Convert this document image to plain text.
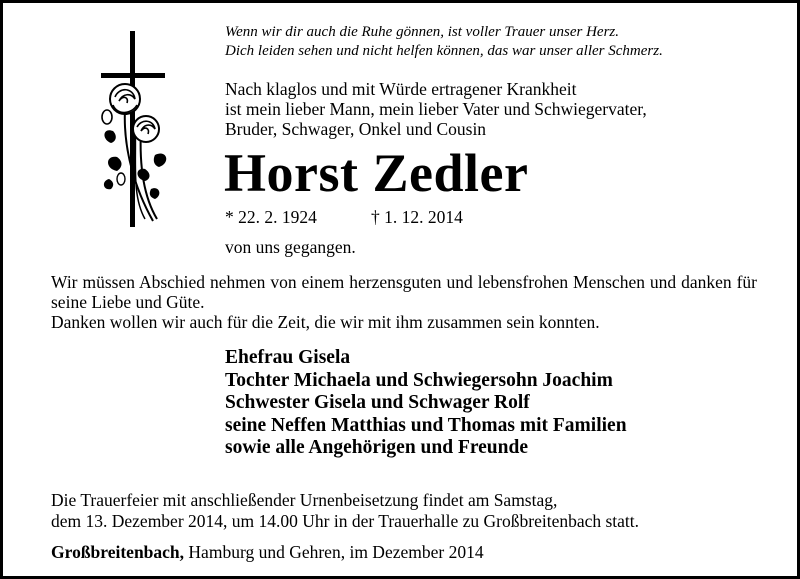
Wenn wir dir auch die Ruhe gönnen, ist voller Trauer unser Herz.
Dich leiden sehen und nicht helfen können, das war unser aller Schmerz.
Nach klaglos und mit Würde ertragener Krankheit
ist mein lieber Mann, mein lieber Vater und Schwiegervater,
Bruder, Schwager, Onkel und Cousin
Horst Zedler
* 22. 2. 1924	† 1. 12. 2014
von uns gegangen.
Wir müssen Abschied nehmen von einem herzensguten und lebensfrohen Menschen und danken für seine Liebe und Güte.
Danken wollen wir auch für die Zeit, die wir mit ihm zusammen sein konnten.
Ehefrau Gisela
Tochter Michaela und Schwiegersohn Joachim
Schwester Gisela und Schwager Rolf
seine Neffen Matthias und Thomas mit Familien
sowie alle Angehörigen und Freunde
Die Trauerfeier mit anschließender Urnenbeisetzung findet am Samstag,
dem 13. Dezember 2014, um 14.00 Uhr in der Trauerhalle zu Großbreitenbach statt.
Großbreitenbach, Hamburg und Gehren, im Dezember 2014
